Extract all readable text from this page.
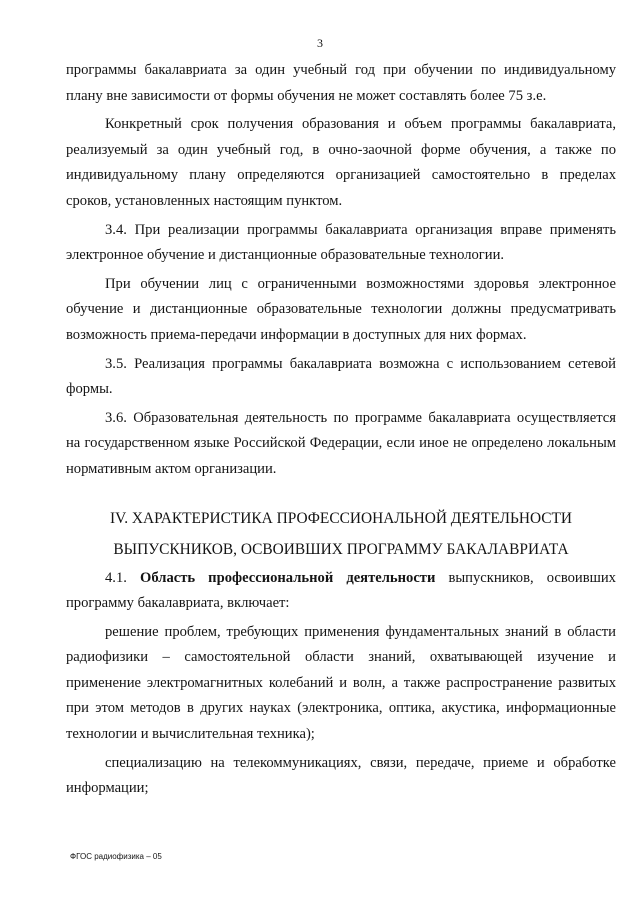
3

программы бакалавриата за один учебный год при обучении по индивидуальному плану вне зависимости от формы обучения не может составлять более 75 з.е.

Конкретный срок получения образования и объем программы бакалавриата, реализуемый за один учебный год, в очно-заочной форме обучения, а также по индивидуальному плану определяются организацией самостоятельно в пределах сроков, установленных настоящим пунктом.

3.4. При реализации программы бакалавриата организация вправе применять электронное обучение и дистанционные образовательные технологии.

При обучении лиц с ограниченными возможностями здоровья электронное обучение и дистанционные образовательные технологии должны предусматривать возможность приема-передачи информации в доступных для них формах.

3.5. Реализация программы бакалавриата возможна с использованием сетевой формы.

3.6. Образовательная деятельность по программе бакалавриата осуществляется на государственном языке Российской Федерации, если иное не определено локальным нормативным актом организации.

IV. ХАРАКТЕРИСТИКА ПРОФЕССИОНАЛЬНОЙ ДЕЯТЕЛЬНОСТИ

ВЫПУСКНИКОВ, ОСВОИВШИХ ПРОГРАММУ БАКАЛАВРИАТА

4.1. Область профессиональной деятельности выпускников, освоивших программу бакалавриата, включает:

решение проблем, требующих применения фундаментальных знаний в области радиофизики – самостоятельной области знаний, охватывающей изучение и применение электромагнитных колебаний и волн, а также распространение развитых при этом методов в других науках (электроника, оптика, акустика, информационные технологии и вычислительная техника);

специализацию на телекоммуникациях, связи, передаче, приеме и обработке информации;

ФГОС радиофизика – 05
